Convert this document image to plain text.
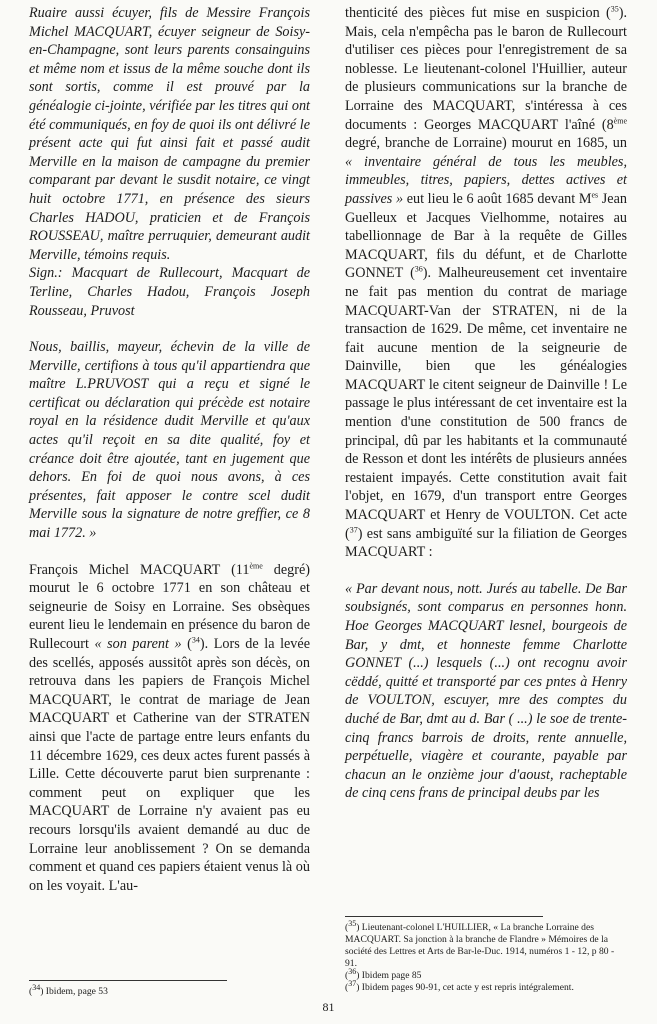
Ruaire aussi écuyer, fils de Messire François Michel MACQUART, écuyer seigneur de Soisy-en-Champagne, sont leurs parents consainguins et même nom et issus de la même souche dont ils sont sortis, comme il est prouvé par la généalogie ci-jointe, vérifiée par les titres qui ont été communiqués, en foy de quoi ils ont délivré le présent acte qui fut ainsi fait et passé audit Merville en la maison de campagne du premier comparant par devant le susdit notaire, ce vingt huit octobre 1771, en présence des sieurs Charles HADOU, praticien et de François ROUSSEAU, maître perruquier, demeurant audit Merville, témoins requis.

Sign.: Macquart de Rullecourt, Macquart de Terline, Charles Hadou, François Joseph Rousseau, Pruvost

Nous, baillis, mayeur, échevin de la ville de Merville, certifions à tous qu'il appartiendra que maître L.PRUVOST qui a reçu et signé le certificat ou déclaration qui précède est notaire royal en la résidence dudit Merville et qu'aux actes qu'il reçoit en sa dite qualité, foy et créance doit être ajoutée, tant en jugement que dehors. En foi de quoi nous avons, à ces présentes, fait apposer le contre scel dudit Merville sous la signature de notre greffier, ce 8 mai 1772. »

François Michel MACQUART (11ème degré) mourut le 6 octobre 1771 en son château et seigneurie de Soisy en Lorraine. Ses obsèques eurent lieu le lendemain en présence du baron de Rullecourt « son parent » ($^{34}$). Lors de la levée des scellés, apposés aussitôt après son décès, on retrouva dans les papiers de François Michel MACQUART, le contrat de mariage de Jean MACQUART et Catherine van der STRATEN ainsi que l'acte de partage entre leurs enfants du 11 décembre 1629, ces deux actes furent passés à Lille. Cette découverte parut bien surprenante : comment peut on expliquer que les MACQUART de Lorraine n'y avaient pas eu recours lorsqu'ils avaient demandé au duc de Lorraine leur anoblissement ? On se demanda comment et quand ces papiers étaient venus là où on les voyait. L'au-

($^{34}$) Ibidem, page 53

thenticité des pièces fut mise en suspicion ($^{35}$). Mais, cela n'empêcha pas le baron de Rullecourt d'utiliser ces pièces pour l'enregistrement de sa noblesse. Le lieutenant-colonel l'Huillier, auteur de plusieurs communications sur la branche de Lorraine des MACQUART, s'intéressa à ces documents : Georges MACQUART l'aîné (8ème degré, branche de Lorraine) mourut en 1685, un « inventaire général de tous les meubles, immeubles, titres, papiers, dettes actives et passives » eut lieu le 6 août 1685 devant $M^{es}$ Jean Guelleux et Jacques Vielhomme, notaires au tabellionnage de Bar à la requête de Gilles MACQUART, fils du défunt, et de Charlotte GONNET ($^{36}$). Malheureusement cet inventaire ne fait pas mention du contrat de mariage MACQUART-Van der STRATEN, ni de la transaction de 1629. De même, cet inventaire ne fait aucune mention de la seigneurie de Dainville, bien que les généalogies MACQUART le citent seigneur de Dainville ! Le passage le plus intéressant de cet inventaire est la mention d'une constitution de 500 francs de principal, dû par les habitants et la communauté de Resson et dont les intérêts de plusieurs années restaient impayés. Cette constitution avait fait l'objet, en 1679, d'un transport entre Georges MACQUART et Henry de VOULTON. Cet acte ($^{37}$) est sans ambiguïté sur la filiation de Georges MACQUART :

« Par devant nous, nott. Jurés au tabelle. De Bar soubsignés, sont comparus en personnes honn. Hoe Georges MACQUART lesnel, bourgeois de Bar, y dmt, et honneste femme Charlotte GONNET (...) lesquels (...) ont recognu avoir cëddé, quitté et transporté par ces pntes à Henry de VOULTON, escuyer, mre des comptes du duché de Bar, dmt au d. Bar ( ...) le soe de trente-cinq francs barrois de droits, rente annuelle, perpétuelle, viagère et courante, payable par chacun an le onzième jour d'aoust, racheptable de cinq cens frans de principal deubs par les

($^{35}$) Lieutenant-colonel L'HUILLIER, « La branche Lorraine des MACQUART. Sa jonction à la branche de Flandre » Mémoires de la société des Lettres et Arts de Bar-le-Duc. 1914, numéros 1 - 12, p 80 - 91.
($^{36}$) Ibidem page 85
($^{37}$) Ibidem pages 90-91, cet acte y est repris intégralement.
81
